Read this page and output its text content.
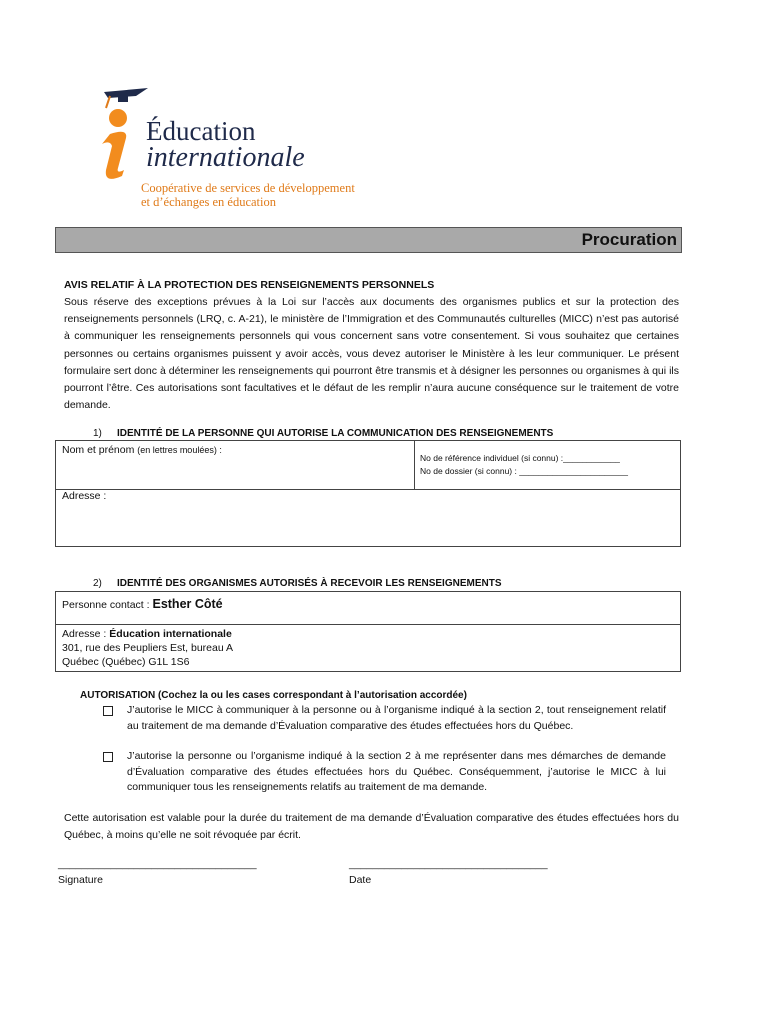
Éducation
internationale
Coopérative de services de développement
et d’échanges en éducation
Procuration
AVIS RELATIF À LA PROTECTION DES RENSEIGNEMENTS PERSONNELS
Sous réserve des exceptions prévues à la Loi sur l’accès aux documents des organismes publics et sur la protection des renseignements personnels (LRQ, c. A-21), le ministère de l’Immigration et des Communautés culturelles (MICC) n’est pas autorisé à communiquer les renseignements personnels qui vous concernent sans votre consentement. Si vous souhaitez que certaines personnes ou certains organismes puissent y avoir accès, vous devez autoriser le Ministère à les leur communiquer. Le présent formulaire sert donc à déterminer les renseignements qui pourront être transmis et à désigner les personnes ou organismes à qui ils pourront l’être. Ces autorisations sont facultatives et le défaut de les remplir n’aura aucune conséquence sur le traitement de votre demande.
1) IDENTITÉ DE LA PERSONNE QUI AUTORISE LA COMMUNICATION DES RENSEIGNEMENTS
Nom et prénom (en lettres moulées) :
No de référence individuel (si connu) :____________
No de dossier (si connu) : _______________________
Adresse :
2) IDENTITÉ DES ORGANISMES AUTORISÉS À RECEVOIR LES RENSEIGNEMENTS
Personne contact : Esther Côté
Adresse : Éducation internationale
301, rue des Peupliers Est, bureau A
Québec (Québec) G1L 1S6
AUTORISATION (Cochez la ou les cases correspondant à l’autorisation accordée)
J’autorise le MICC à communiquer à la personne ou à l’organisme indiqué à la section 2, tout renseignement relatif au traitement de ma demande d’Évaluation comparative des études effectuées hors du Québec.
J’autorise la personne ou l’organisme indiqué à la section 2 à me représenter dans mes démarches de demande d’Évaluation comparative des études effectuées hors du Québec. Conséquemment, j’autorise le MICC à lui communiquer tous les renseignements relatifs au traitement de ma demande.
Cette autorisation est valable pour la durée du traitement de ma demande d’Évaluation comparative des études effectuées hors du Québec, à moins qu’elle ne soit révoquée par écrit.
__________________________________
Signature
__________________________________
Date
